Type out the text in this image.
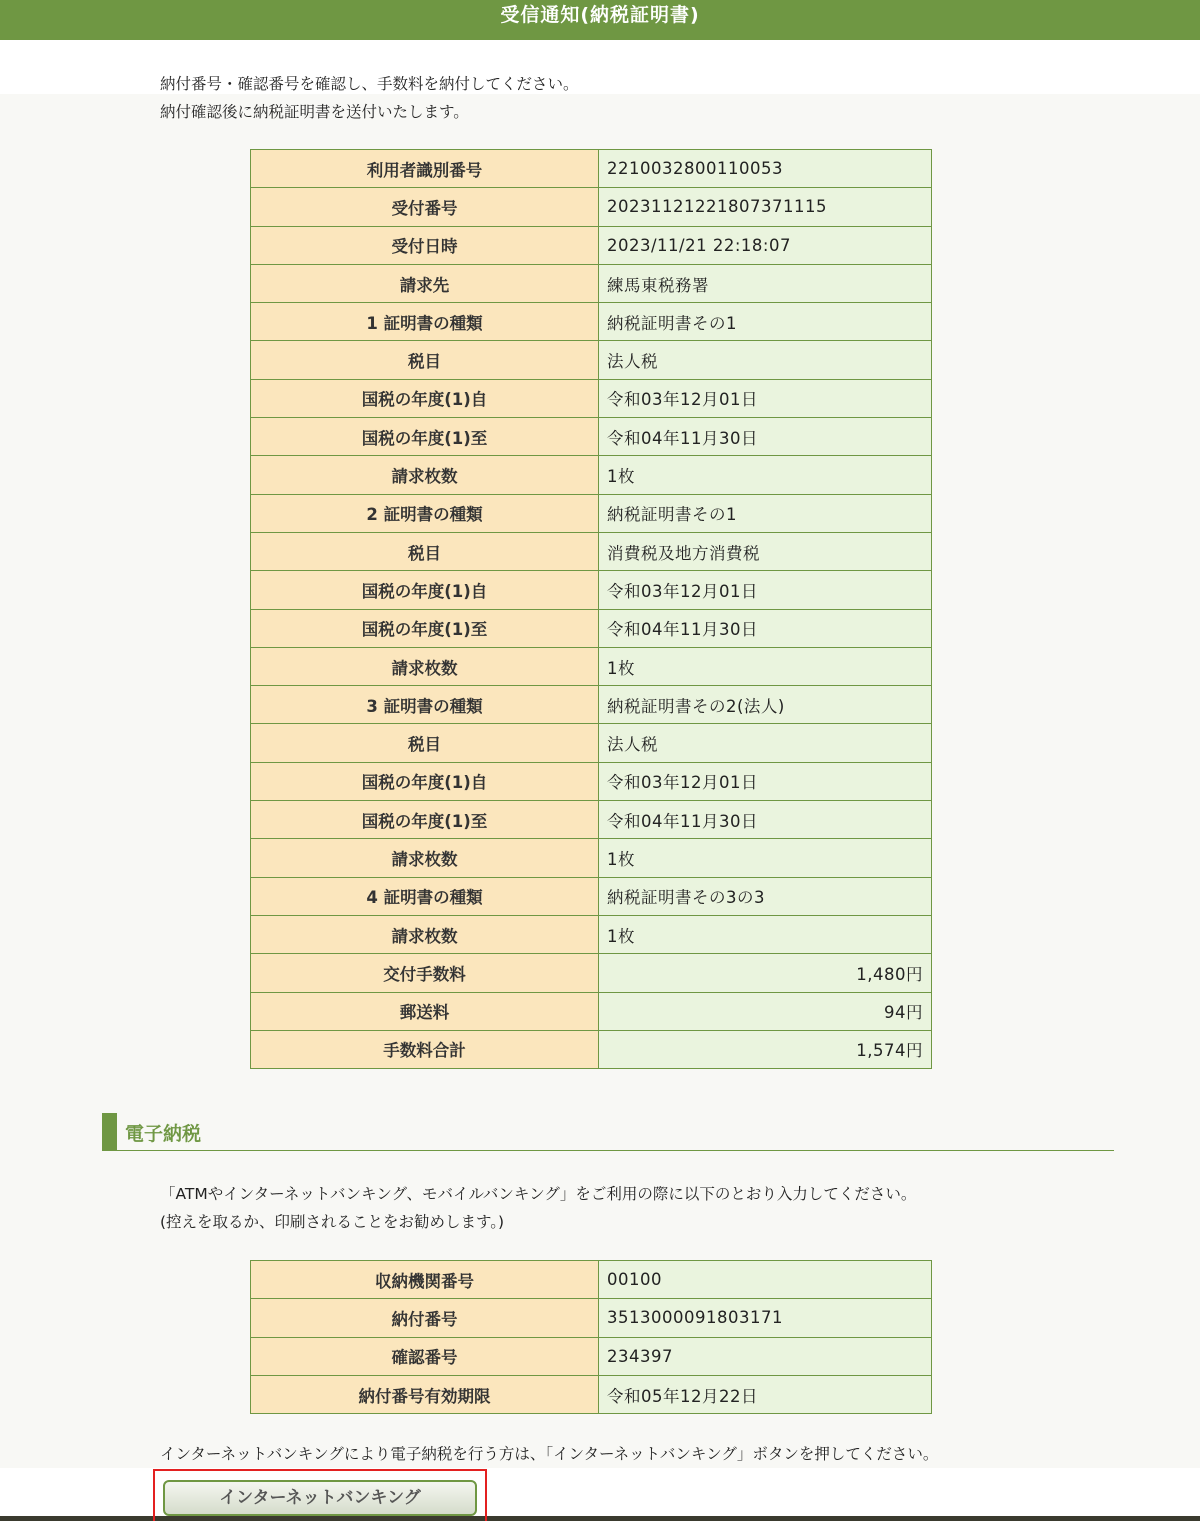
受信通知(納税証明書)
納付番号・確認番号を確認し、手数料を納付してください。
納付確認後に納税証明書を送付いたします。
利用者識別番号	2210032800110053
受付番号	20231121221807371115
受付日時	2023/11/21 22:18:07
請求先	練馬東税務署
1 証明書の種類	納税証明書その1
税目	法人税
国税の年度(1)自	令和03年12月01日
国税の年度(1)至	令和04年11月30日
請求枚数	1枚
2 証明書の種類	納税証明書その1
税目	消費税及地方消費税
国税の年度(1)自	令和03年12月01日
国税の年度(1)至	令和04年11月30日
請求枚数	1枚
3 証明書の種類	納税証明書その2(法人)
税目	法人税
国税の年度(1)自	令和03年12月01日
国税の年度(1)至	令和04年11月30日
請求枚数	1枚
4 証明書の種類	納税証明書その3の3
請求枚数	1枚
交付手数料	1,480円
郵送料	94円
手数料合計	1,574円
電子納税
「ATMやインターネットバンキング、モバイルバンキング」をご利用の際に以下のとおり入力してください。
(控えを取るか、印刷されることをお勧めします。)
収納機関番号	00100
納付番号	3513000091803171
確認番号	234397
納付番号有効期限	令和05年12月22日
インターネットバンキングにより電子納税を行う方は、「インターネットバンキング」ボタンを押してください。
インターネットバンキング
